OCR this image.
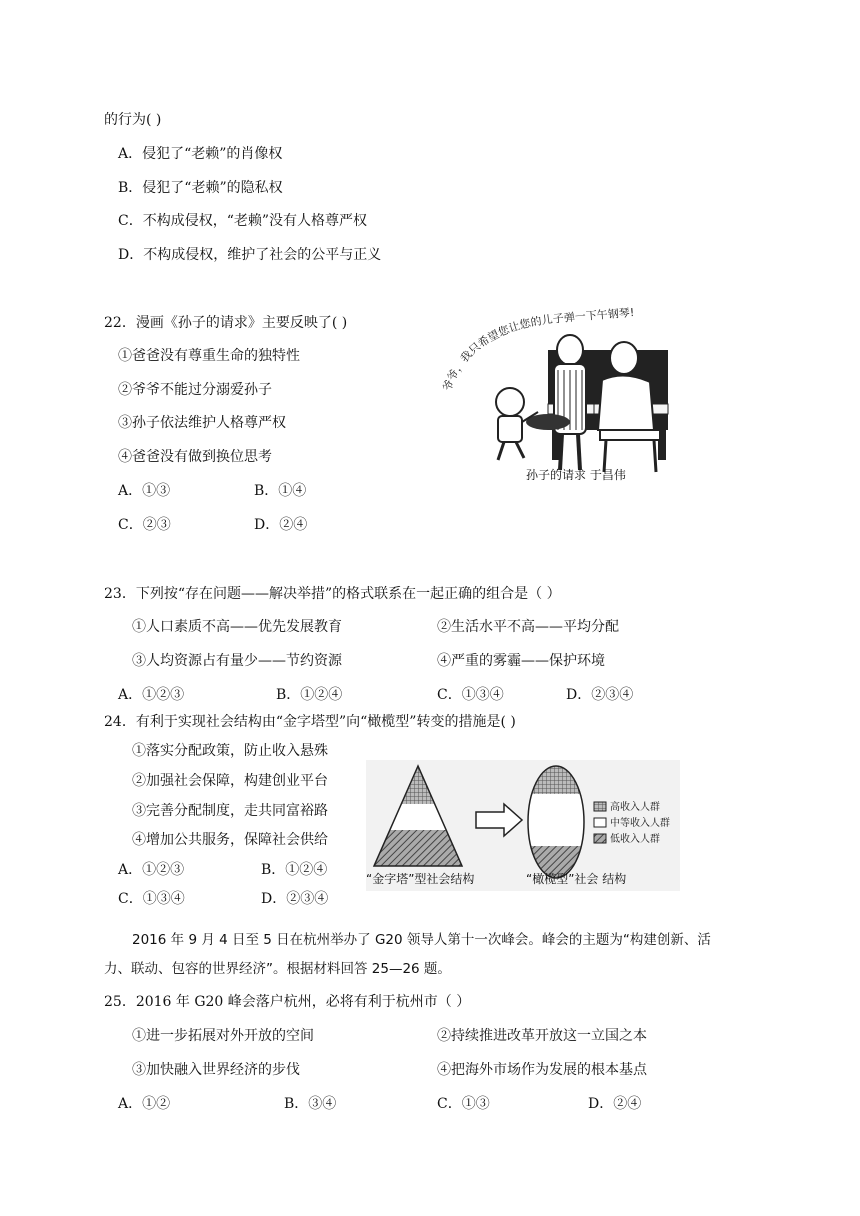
的行为( )
A．侵犯了“老赖”的肖像权
B．侵犯了“老赖”的隐私权
C．不构成侵权，“老赖”没有人格尊严权
D．不构成侵权，维护了社会的公平与正义
22．漫画《孙子的请求》主要反映了( )
①爸爸没有尊重生命的独特性
②爷爷不能过分溺爱孙子
③孙子依法维护人格尊严权
④爸爸没有做到换位思考
A．①③	B．①④
C．②③	D．②④
爷爷，我只希望您让您的儿子弹一下午钢琴!
孙子的请求 于昌伟
23．下列按“存在问题——解决举措”的格式联系在一起正确的组合是（ ）
①人口素质不高——优先发展教育	②生活水平不高——平均分配
③人均资源占有量少——节约资源	④严重的雾霾——保护环境
A．①②③	B．①②④	C．①③④	D．②③④
24．有利于实现社会结构由“金字塔型”向“橄榄型”转变的措施是( )
①落实分配政策，防止收入悬殊
②加强社会保障，构建创业平台
③完善分配制度，走共同富裕路
④增加公共服务，保障社会供给
A．①②③	B．①②④
C．①③④	D．②③④
高收入人群
中等收入人群
低收入人群
“金字塔”型社会结构	“橄榄型”社会 结构
2016 年 9 月 4 日至 5 日在杭州举办了 G20 领导人第十一次峰会。峰会的主题为“构建创新、活
力、联动、包容的世界经济”。根据材料回答 25—26 题。
25．2016 年 G20 峰会落户杭州，必将有利于杭州市（ ）
①进一步拓展对外开放的空间	②持续推进改革开放这一立国之本
③加快融入世界经济的步伐	④把海外市场作为发展的根本基点
A．①②	B．③④	C．①③	D．②④
